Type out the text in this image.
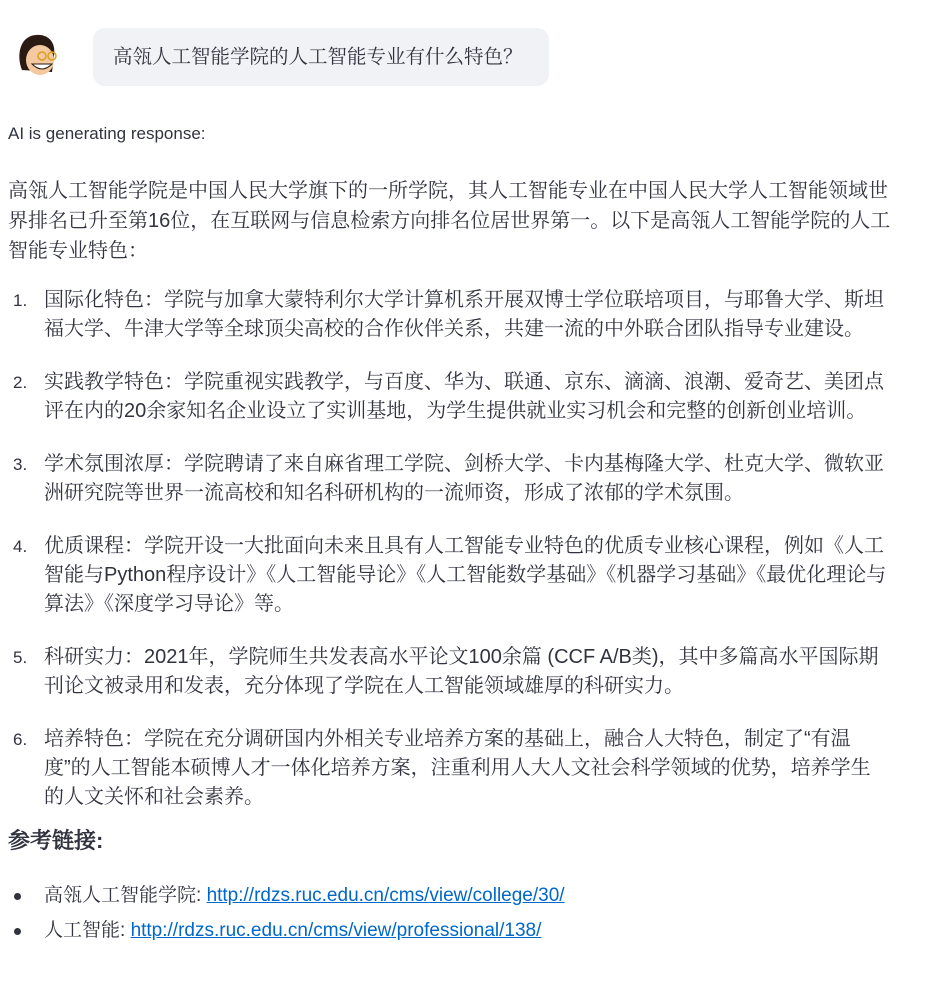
高瓴人工智能学院的人工智能专业有什么特色？
AI is generating response:

高瓴人工智能学院是中国人民大学旗下的一所学院，其人工智能专业在中国人民大学人工智能领域世界排名已升至第16位，在互联网与信息检索方向排名位居世界第一。以下是高瓴人工智能学院的人工智能专业特色：

1. 国际化特色：学院与加拿大蒙特利尔大学计算机系开展双博士学位联培项目，与耶鲁大学、斯坦福大学、牛津大学等全球顶尖高校的合作伙伴关系，共建一流的中外联合团队指导专业建设。
2. 实践教学特色：学院重视实践教学，与百度、华为、联通、京东、滴滴、浪潮、爱奇艺、美团点评在内的20余家知名企业设立了实训基地，为学生提供就业实习机会和完整的创新创业培训。
3. 学术氛围浓厚：学院聘请了来自麻省理工学院、剑桥大学、卡内基梅隆大学、杜克大学、微软亚洲研究院等世界一流高校和知名科研机构的一流师资，形成了浓郁的学术氛围。
4. 优质课程：学院开设一大批面向未来且具有人工智能专业特色的优质专业核心课程，例如《人工智能与Python程序设计》《人工智能导论》《人工智能数学基础》《机器学习基础》《最优化理论与算法》《深度学习导论》等。
5. 科研实力：2021年，学院师生共发表高水平论文100余篇 (CCF A/B类)，其中多篇高水平国际期刊论文被录用和发表，充分体现了学院在人工智能领域雄厚的科研实力。
6. 培养特色：学院在充分调研国内外相关专业培养方案的基础上，融合人大特色，制定了“有温度”的人工智能本硕博人才一体化培养方案，注重利用人大人文社会科学领域的优势，培养学生的人文关怀和社会素养。
参考链接:
高瓴人工智能学院: http://rdzs.ruc.edu.cn/cms/view/college/30/
人工智能: http://rdzs.ruc.edu.cn/cms/view/professional/138/
